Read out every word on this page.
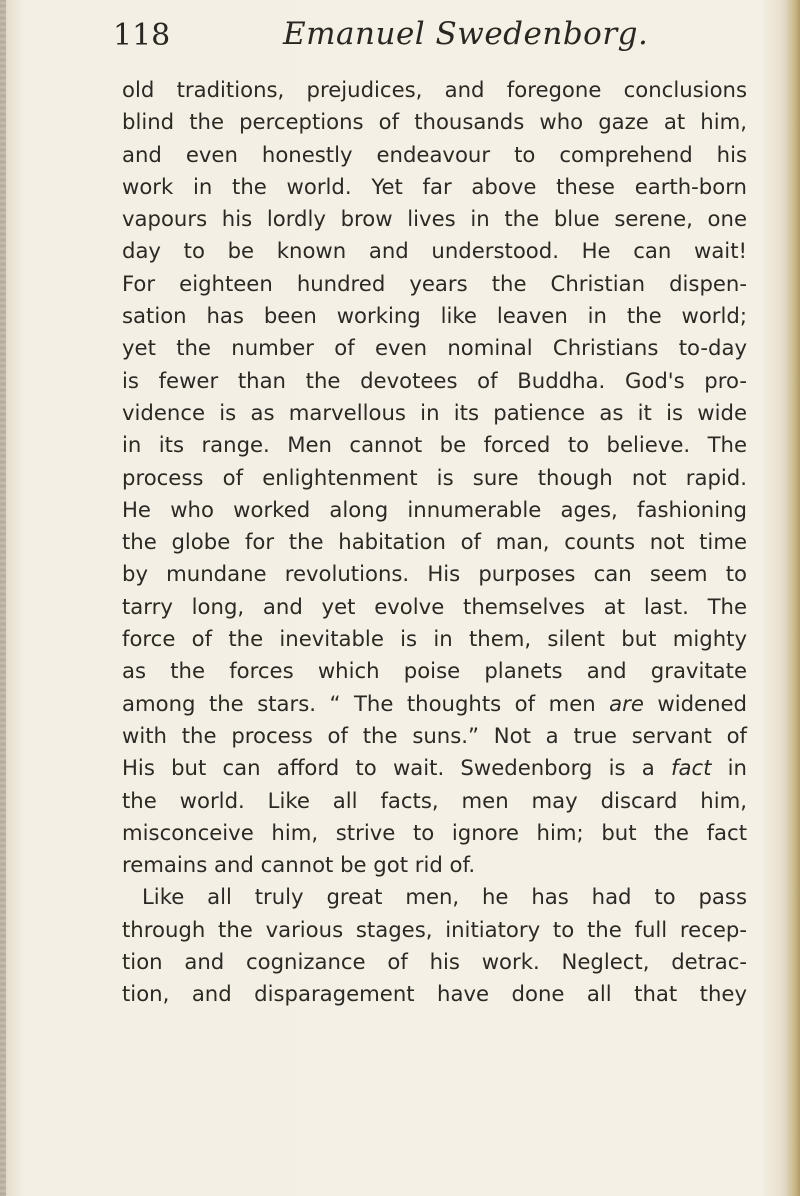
118	Emanuel Swedenborg.
old traditions, prejudices, and foregone conclusions
blind the perceptions of thousands who gaze at him,
and even honestly endeavour to comprehend his
work in the world. Yet far above these earth-born
vapours his lordly brow lives in the blue serene, one
day to be known and understood. He can wait!
For eighteen hundred years the Christian dispen-
sation has been working like leaven in the world;
yet the number of even nominal Christians to-day
is fewer than the devotees of Buddha. God's pro-
vidence is as marvellous in its patience as it is wide
in its range. Men cannot be forced to believe. The
process of enlightenment is sure though not rapid.
He who worked along innumerable ages, fashioning
the globe for the habitation of man, counts not time
by mundane revolutions. His purposes can seem to
tarry long, and yet evolve themselves at last. The
force of the inevitable is in them, silent but mighty
as the forces which poise planets and gravitate
among the stars. “ The thoughts of men are widened
with the process of the suns.” Not a true servant of
His but can afford to wait. Swedenborg is a fact in
the world. Like all facts, men may discard him,
misconceive him, strive to ignore him; but the fact
remains and cannot be got rid of.
Like all truly great men, he has had to pass
through the various stages, initiatory to the full recep-
tion and cognizance of his work. Neglect, detrac-
tion, and disparagement have done all that they
